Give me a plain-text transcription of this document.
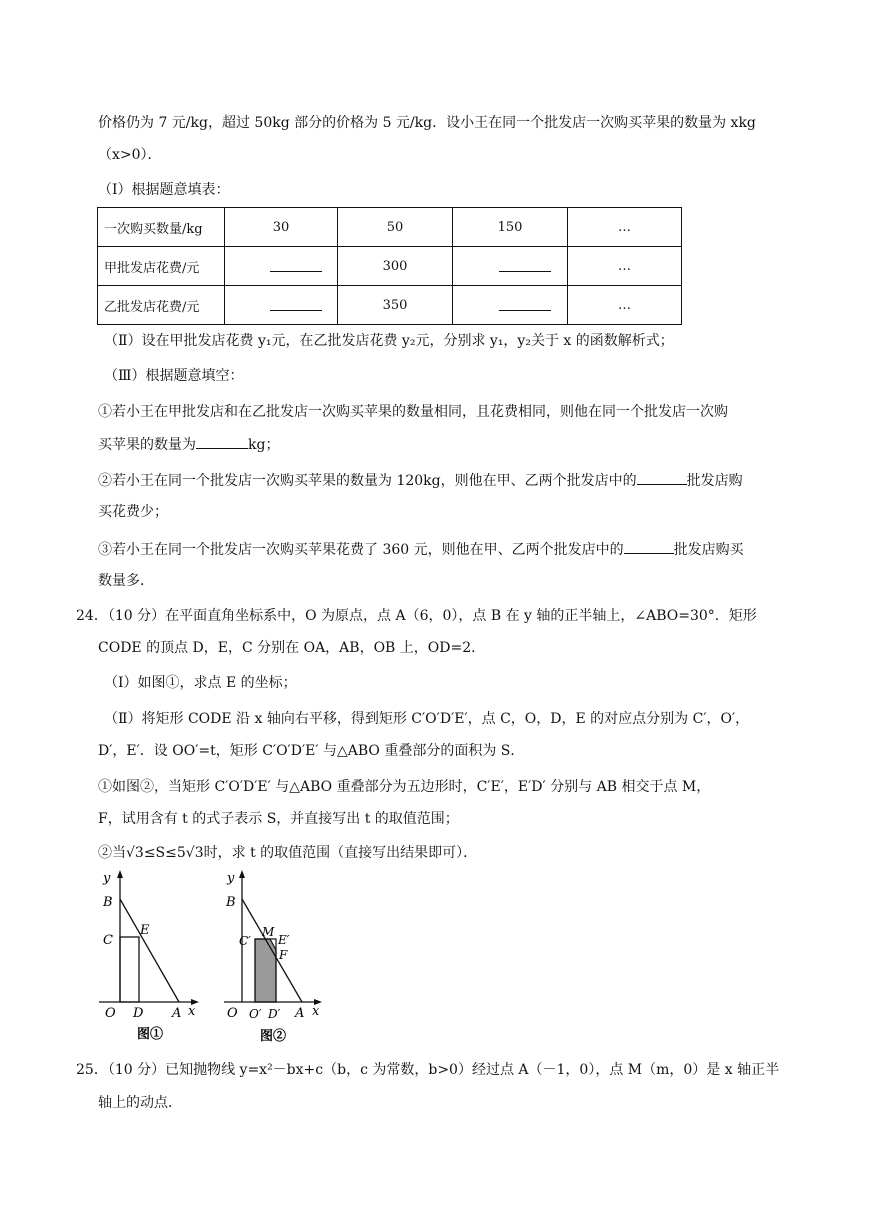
价格仍为 7 元/kg，超过 50kg 部分的价格为 5 元/kg．设小王在同一个批发店一次购买苹果的数量为 xkg
（x>0）．
（Ⅰ）根据题意填表：
一次购买数量/kg	30	50	150	…
甲批发店花费/元		300		…
乙批发店花费/元		350		…
（Ⅱ）设在甲批发店花费 y₁元，在乙批发店花费 y₂元，分别求 y₁，y₂关于 x 的函数解析式；
（Ⅲ）根据题意填空：
①若小王在甲批发店和在乙批发店一次购买苹果的数量相同，且花费相同，则他在同一个批发店一次购
买苹果的数量为	kg；
②若小王在同一个批发店一次购买苹果的数量为 120kg，则他在甲、乙两个批发店中的	批发店购
买花费少；
③若小王在同一个批发店一次购买苹果花费了 360 元，则他在甲、乙两个批发店中的	批发店购买
数量多．
24．（10 分）在平面直角坐标系中，O 为原点，点 A（6，0），点 B 在 y 轴的正半轴上，∠ABO=30°．矩形
CODE 的顶点 D，E，C 分别在 OA，AB，OB 上，OD=2．
（Ⅰ）如图①，求点 E 的坐标；
（Ⅱ）将矩形 CODE 沿 x 轴向右平移，得到矩形 C′O′D′E′，点 C，O，D，E 的对应点分别为 C′，O′，
D′，E′．设 OO′=t，矩形 C′O′D′E′ 与△ABO 重叠部分的面积为 S．
①如图②，当矩形 C′O′D′E′ 与△ABO 重叠部分为五边形时，C′E′，E′D′ 分别与 AB 相交于点 M，
F，试用含有 t 的式子表示 S，并直接写出 t 的取值范围；
②当√3≤S≤5√3时，求 t 的取值范围（直接写出结果即可）．
y
x
B
C
E
O D A
图①
y
x
B
C′
M
E′
F
O O′ D′ A
图②
25．（10 分）已知抛物线 y=x²－bx+c（b，c 为常数，b>0）经过点 A（－1，0），点 M（m，0）是 x 轴正半
轴上的动点．
